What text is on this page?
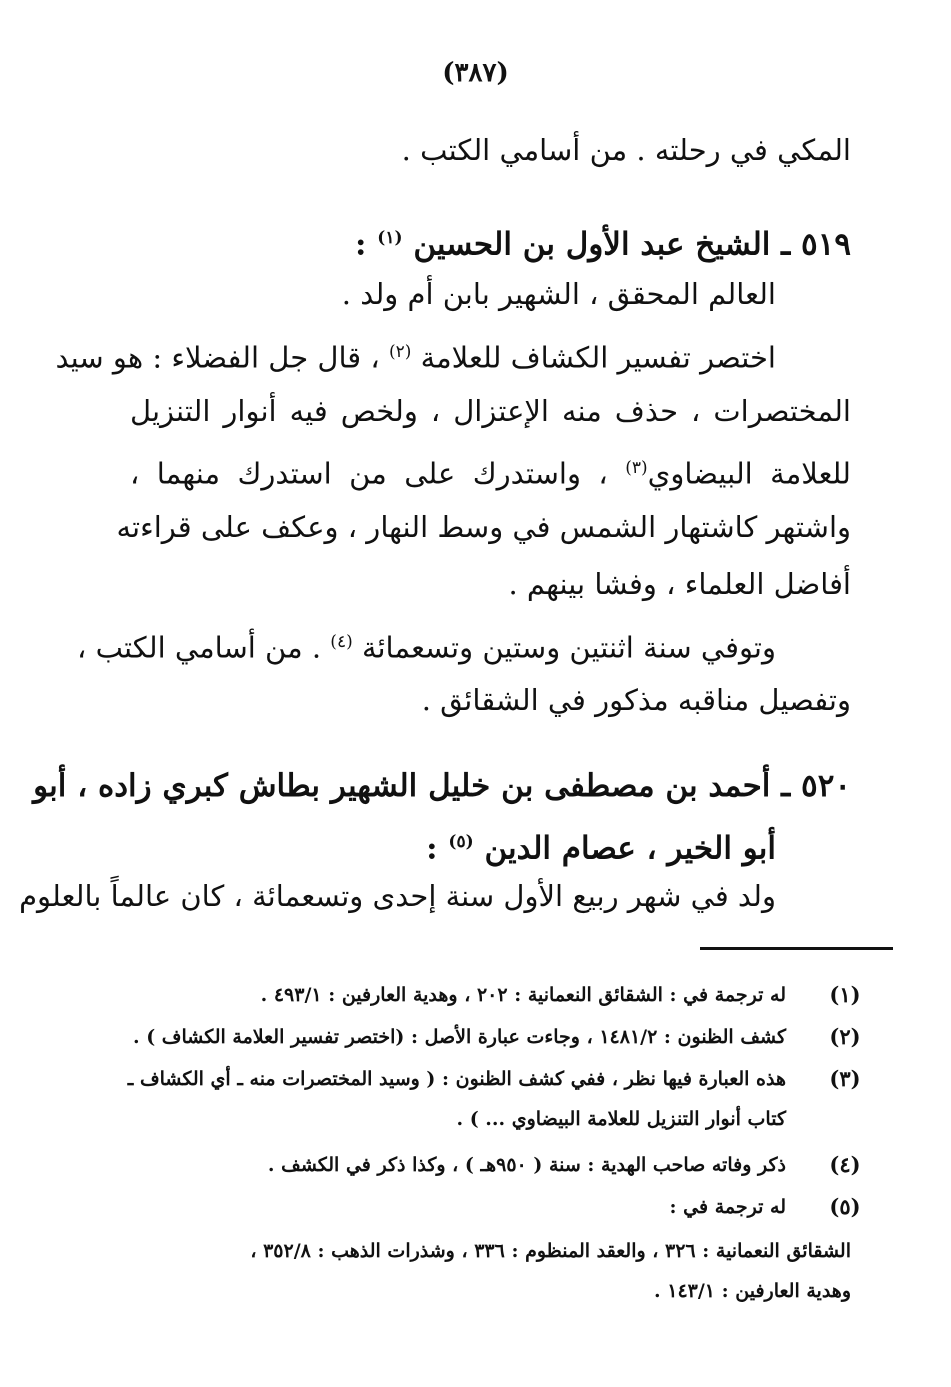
(٣٨٧)
المكي في رحلته . من أسامي الكتب .
٥١٩ ـ الشيخ عبد الأول بن الحسين $^{(١)}$ :
العالم المحقق ، الشهير بابن أم ولد .
اختصر تفسير الكشاف للعلامة $^{(٢)}$ ، قال جل الفضلاء : هو سيد
المختصرات ، حذف منه الإعتزال ، ولخص فيه أنوار التنزيل
للعلامة البيضاوي$^{(٣)}$ ، واستدرك على من استدرك منهما ،
واشتهر كاشتهار الشمس في وسط النهار ، وعكف على قراءته
أفاضل العلماء ، وفشا بينهم .
وتوفي سنة اثنتين وستين وتسعمائة $^{(٤)}$ . من أسامي الكتب ،
وتفصيل مناقبه مذكور في الشقائق .
٥٢٠ ـ أحمد بن مصطفى بن خليل الشهير بطاش كبري زاده ، أبو
أبو الخير ، عصام الدين $^{(٥)}$ :
ولد في شهر ربيع الأول سنة إحدى وتسعمائة ، كان عالماً بالعلوم
(١)
له ترجمة في : الشقائق النعمانية : ٢٠٢ ، وهدية العارفين : ٤٩٣/١ .
(٢)
كشف الظنون : ١٤٨١/٢ ، وجاءت عبارة الأصل : (اختصر تفسير العلامة الكشاف ) .
(٣)
هذه العبارة فيها نظر ، ففي كشف الظنون : ( وسيد المختصرات منه ـ أي الكشاف ـ
كتاب أنوار التنزيل للعلامة البيضاوي ... ) .
(٤)
ذكر وفاته صاحب الهدية : سنة ( ٩٥٠هـ ) ، وكذا ذكر في الكشف .
(٥)
له ترجمة في :
الشقائق النعمانية : ٣٢٦ ، والعقد المنظوم : ٣٣٦ ، وشذرات الذهب : ٣٥٢/٨ ،
وهدية العارفين : ١٤٣/١ .
